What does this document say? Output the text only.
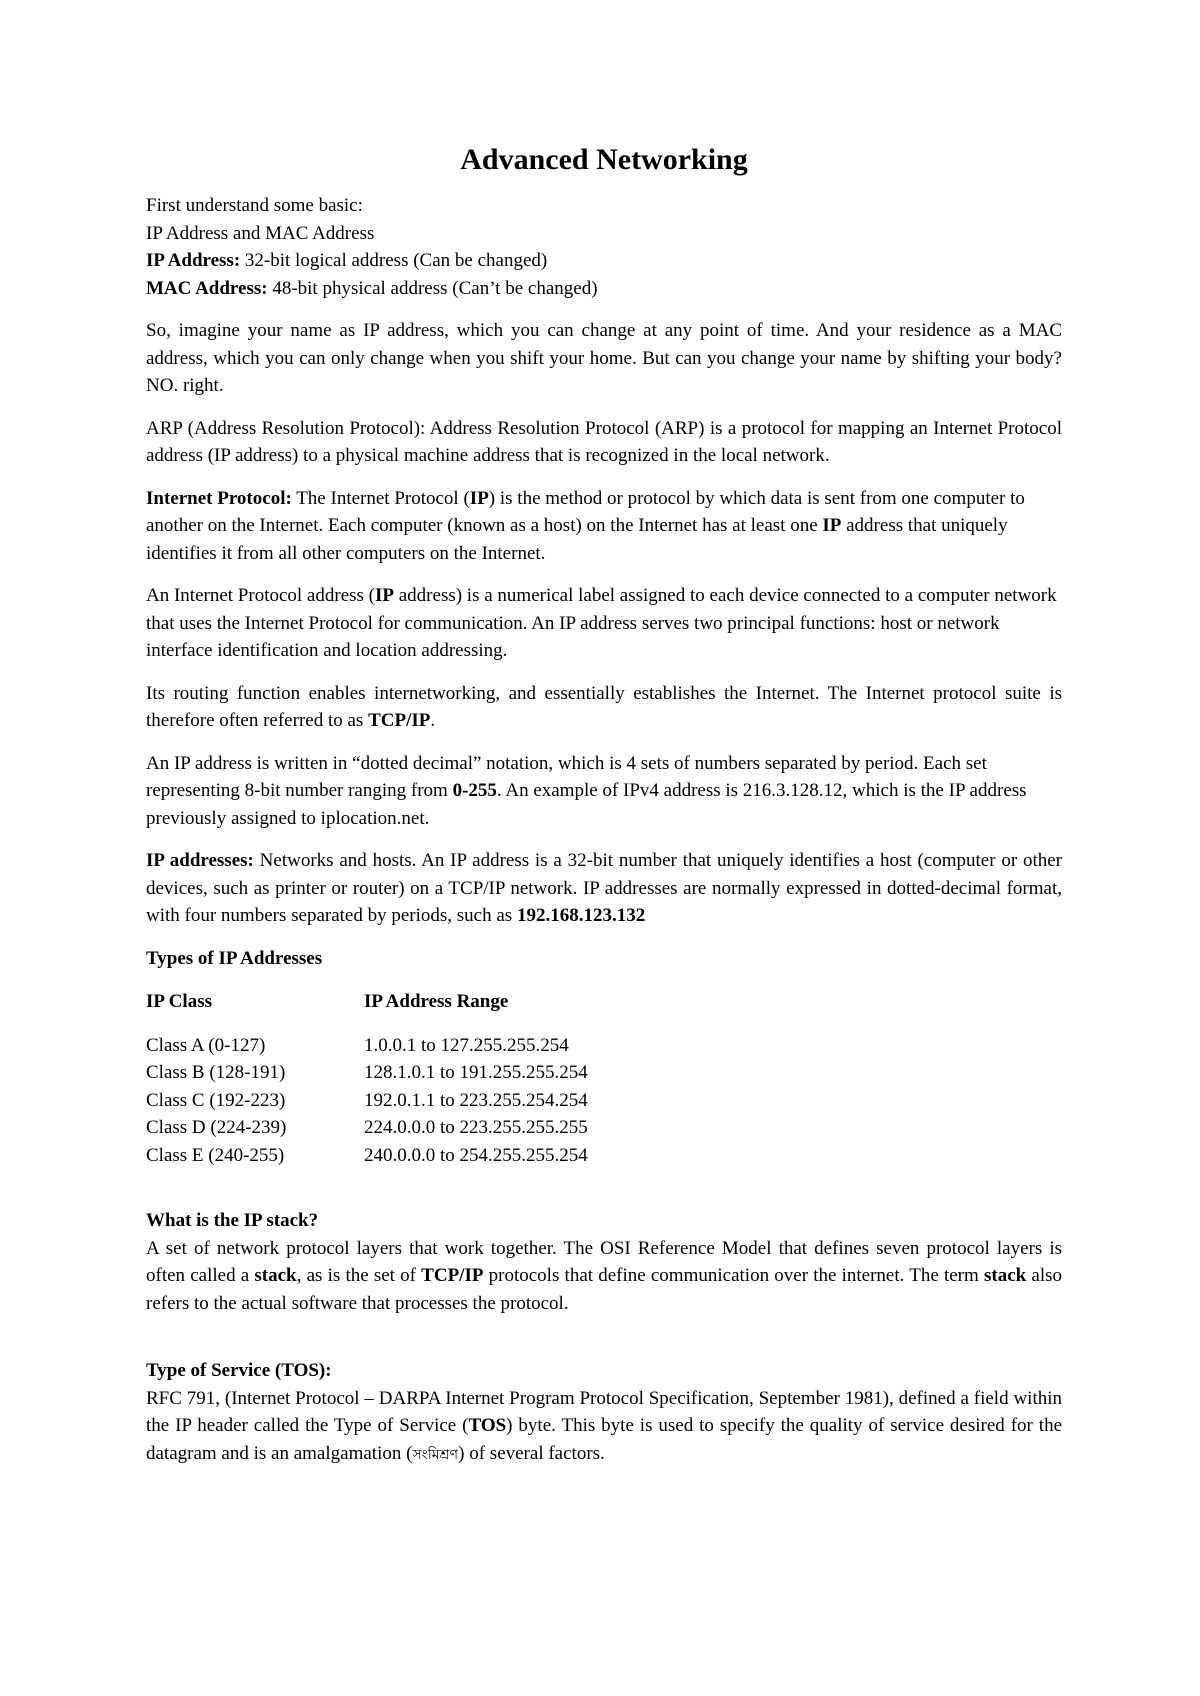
Advanced Networking

First understand some basic:
IP Address and MAC Address
IP Address: 32-bit logical address (Can be changed)
MAC Address: 48-bit physical address (Can’t be changed)

So, imagine your name as IP address, which you can change at any point of time. And your residence as a MAC address, which you can only change when you shift your home. But can you change your name by shifting your body? NO. right.

ARP (Address Resolution Protocol): Address Resolution Protocol (ARP) is a protocol for mapping an Internet Protocol address (IP address) to a physical machine address that is recognized in the local network.

Internet Protocol: The Internet Protocol (IP) is the method or protocol by which data is sent from one computer to another on the Internet. Each computer (known as a host) on the Internet has at least one IP address that uniquely identifies it from all other computers on the Internet.

An Internet Protocol address (IP address) is a numerical label assigned to each device connected to a computer network that uses the Internet Protocol for communication. An IP address serves two principal functions: host or network interface identification and location addressing.

Its routing function enables internetworking, and essentially establishes the Internet. The Internet protocol suite is therefore often referred to as TCP/IP.

An IP address is written in “dotted decimal” notation, which is 4 sets of numbers separated by period. Each set representing 8-bit number ranging from 0-255. An example of IPv4 address is 216.3.128.12, which is the IP address previously assigned to iplocation.net.

IP addresses: Networks and hosts. An IP address is a 32-bit number that uniquely identifies a host (computer or other devices, such as printer or router) on a TCP/IP network. IP addresses are normally expressed in dotted-decimal format, with four numbers separated by periods, such as 192.168.123.132

Types of IP Addresses
IP Class	IP Address Range
Class A (0-127)	1.0.0.1 to 127.255.255.254
Class B (128-191)	128.1.0.1 to 191.255.255.254
Class C (192-223)	192.0.1.1 to 223.255.254.254
Class D (224-239)	224.0.0.0 to 223.255.255.255
Class E (240-255)	240.0.0.0 to 254.255.255.254
What is the IP stack?

A set of network protocol layers that work together. The OSI Reference Model that defines seven protocol layers is often called a stack, as is the set of TCP/IP protocols that define communication over the internet. The term stack also refers to the actual software that processes the protocol.

Type of Service (TOS):

RFC 791, (Internet Protocol – DARPA Internet Program Protocol Specification, September 1981), defined a field within the IP header called the Type of Service (TOS) byte. This byte is used to specify the quality of service desired for the datagram and is an amalgamation (সংমিশ্রণ) of several factors.
